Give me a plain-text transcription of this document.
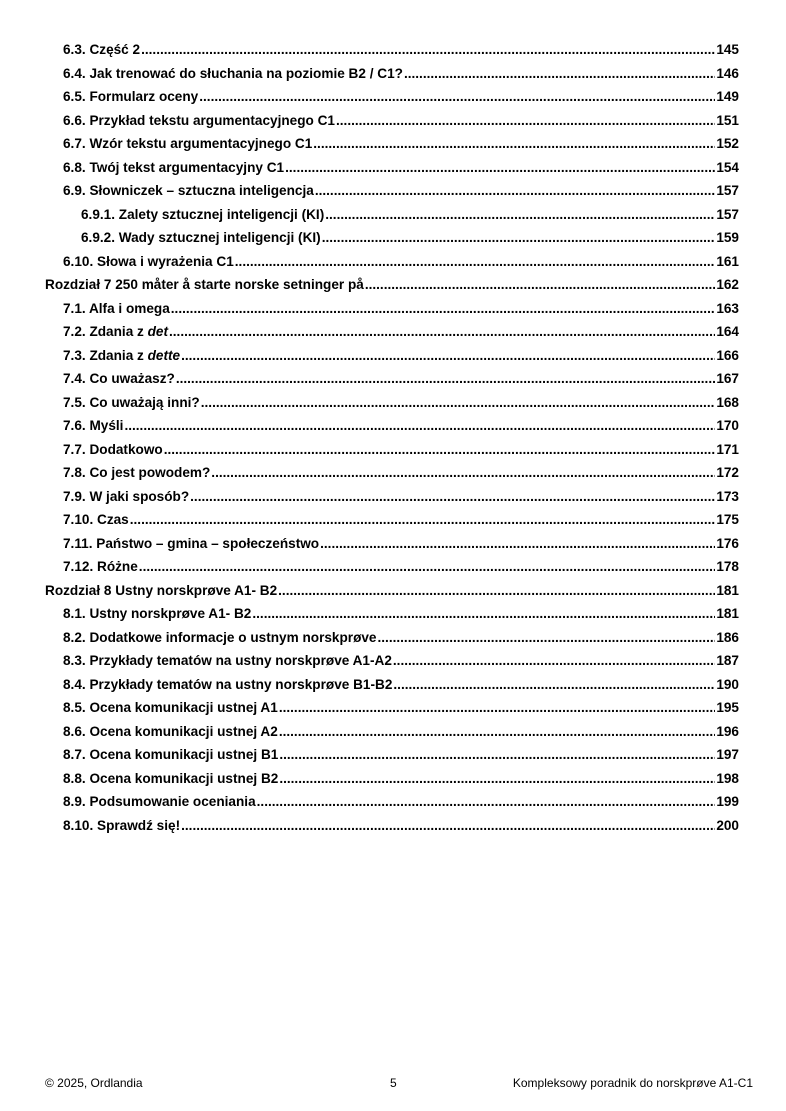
6.3. Część 2 .....	145
6.4. Jak trenować do słuchania na poziomie B2 / C1? .....	146
6.5. Formularz oceny .....	149
6.6. Przykład tekstu argumentacyjnego C1 .....	151
6.7. Wzór tekstu argumentacyjnego C1 .....	152
6.8. Twój tekst argumentacyjny C1 .....	154
6.9. Słowniczek – sztuczna inteligencja .....	157
6.9.1. Zalety sztucznej inteligencji (KI) .....	157
6.9.2. Wady sztucznej inteligencji (KI) .....	159
6.10. Słowa i wyrażenia C1 .....	161
Rozdział 7 250 måter å starte norske setninger på .....	162
7.1. Alfa i omega .....	163
7.2. Zdania z det .....	164
7.3. Zdania z dette .....	166
7.4. Co uważasz? .....	167
7.5. Co uważają inni? .....	168
7.6. Myśli .....	170
7.7. Dodatkowo .....	171
7.8. Co jest powodem? .....	172
7.9. W jaki sposób? .....	173
7.10. Czas .....	175
7.11. Państwo – gmina – społeczeństwo .....	176
7.12. Różne .....	178
Rozdział 8 Ustny norskprøve A1- B2 .....	181
8.1. Ustny norskprøve A1- B2 .....	181
8.2. Dodatkowe informacje o ustnym norskprøve .....	186
8.3. Przykłady tematów na ustny norskprøve A1-A2 .....	187
8.4. Przykłady tematów na ustny norskprøve B1-B2 .....	190
8.5. Ocena komunikacji ustnej A1 .....	195
8.6. Ocena komunikacji ustnej A2 .....	196
8.7. Ocena komunikacji ustnej B1 .....	197
8.8. Ocena komunikacji ustnej B2 .....	198
8.9. Podsumowanie oceniania .....	199
8.10. Sprawdź się! .....	200
© 2025, Ordlandia	5	Kompleksowy poradnik do norskprøve A1-C1
